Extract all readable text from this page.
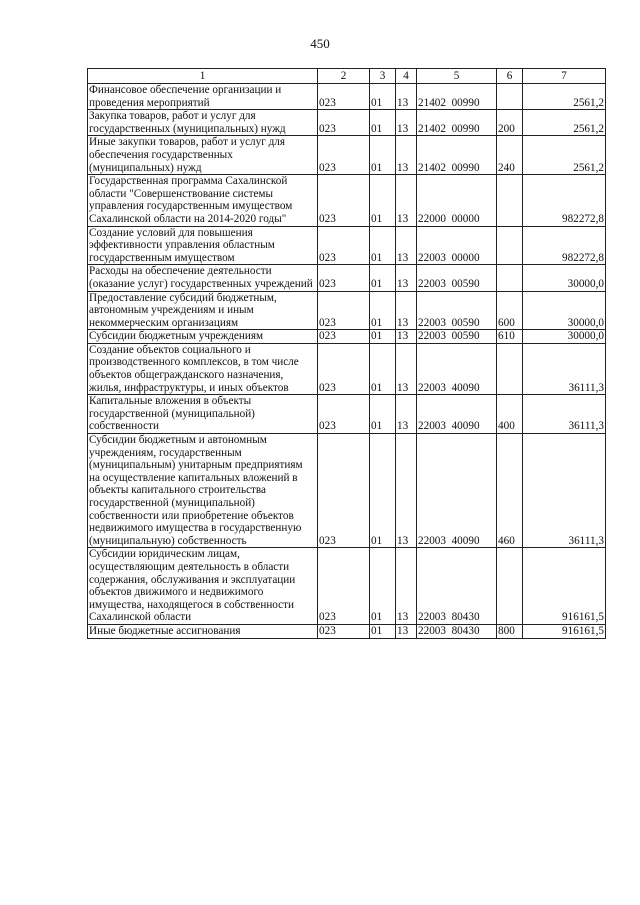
450
1	2	3	4	5	6	7
Финансовое обеспечение организации и проведения мероприятий	023	01	13	21402  00990		2561,2
Закупка товаров, работ и услуг для государственных (муниципальных) нужд	023	01	13	21402  00990	200	2561,2
Иные закупки товаров, работ и услуг для обеспечения государственных (муниципальных) нужд	023	01	13	21402  00990	240	2561,2
Государственная программа Сахалинской области "Совершенствование системы управления государственным имуществом Сахалинской области на 2014-2020 годы"	023	01	13	22000  00000		982272,8
Создание условий для повышения эффективности управления областным государственным имуществом	023	01	13	22003  00000		982272,8
Расходы на обеспечение деятельности (оказание услуг) государственных учреждений	023	01	13	22003  00590		30000,0
Предоставление субсидий бюджетным, автономным учреждениям и иным некоммерческим организациям	023	01	13	22003  00590	600	30000,0
Субсидии бюджетным учреждениям	023	01	13	22003  00590	610	30000,0
Создание объектов социального и производственного комплексов, в том числе объектов общегражданского назначения, жилья, инфраструктуры, и иных объектов	023	01	13	22003  40090		36111,3
Капитальные вложения в объекты государственной (муниципальной) собственности	023	01	13	22003  40090	400	36111,3
Субсидии бюджетным и автономным учреждениям, государственным (муниципальным) унитарным предприятиям на осуществление капитальных вложений в объекты капитального строительства государственной (муниципальной) собственности или приобретение объектов недвижимого имущества в государственную (муниципальную) собственность	023	01	13	22003  40090	460	36111,3
Субсидии юридическим лицам, осуществляющим деятельность в области содержания, обслуживания и эксплуатации объектов движимого и недвижимого имущества, находящегося в собственности Сахалинской области	023	01	13	22003  80430		916161,5
Иные бюджетные ассигнования	023	01	13	22003  80430	800	916161,5
